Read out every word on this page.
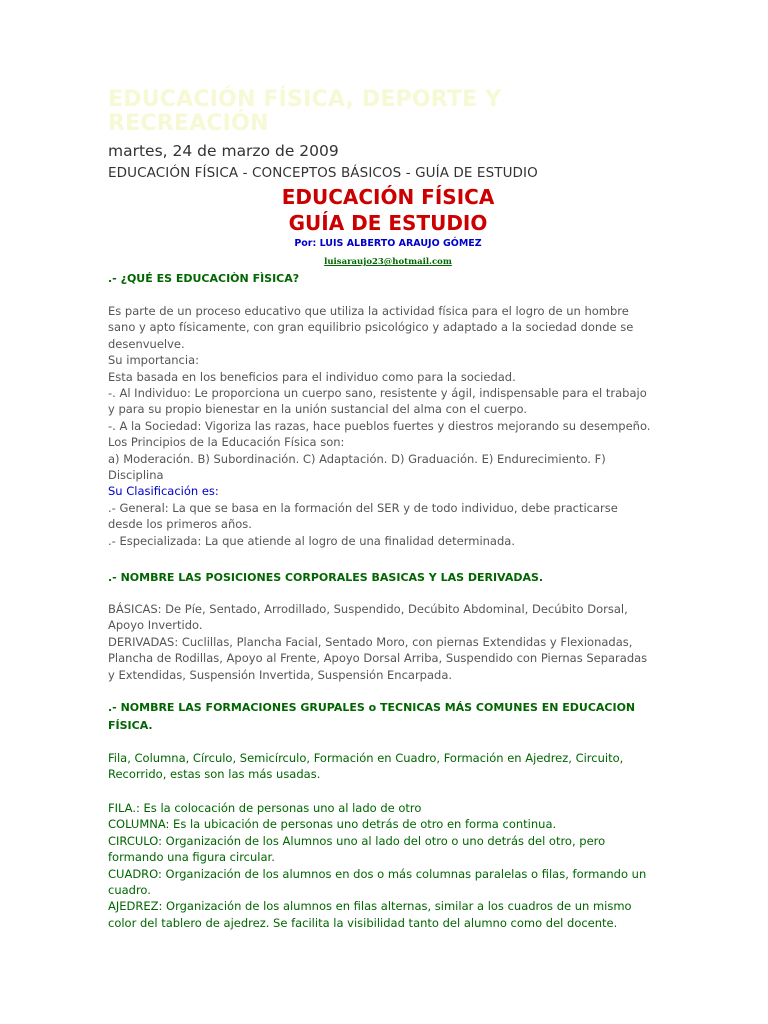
EDUCACIÓN FÍSICA, DEPORTE Y RECREACIÓN
martes, 24 de marzo de 2009
EDUCACIÓN FÍSICA - CONCEPTOS BÁSICOS - GUÍA DE ESTUDIO
EDUCACIÓN FÍSICA
GUÍA DE ESTUDIO
Por: LUIS ALBERTO ARAUJO GÓMEZ
luisaraujo23@hotmail.com
.- ¿QUÉ ES EDUCACIÒN FÌSICA?

Es parte de un proceso educativo que utiliza la actividad física para el logro de un hombre sano y apto físicamente, con gran equilibrio psicológico y adaptado a la sociedad donde se desenvuelve.

Su importancia:

Esta basada en los beneficios para el individuo como para la sociedad.

-. Al Individuo: Le proporciona un cuerpo sano, resistente y ágil, indispensable para el trabajo y para su propio bienestar en la unión sustancial del alma con el cuerpo.

-. A la Sociedad: Vigoriza las razas, hace pueblos fuertes y diestros mejorando su desempeño.

Los Principios de la Educación Física son:

a) Moderación. B) Subordinación. C) Adaptación. D) Graduación. E) Endurecimiento. F) Disciplina

Su Clasificación es:

.- General: La que se basa en la formación del SER y de todo individuo, debe practicarse desde los primeros años.

.- Especializada: La que atiende al logro de una finalidad determinada.

.- NOMBRE LAS POSICIONES CORPORALES BASICAS Y LAS DERIVADAS.

BÁSICAS: De Píe, Sentado, Arrodillado, Suspendido, Decúbito Abdominal, Decúbito Dorsal, Apoyo Invertido.

DERIVADAS: Cuclillas, Plancha Facial, Sentado Moro, con piernas Extendidas y Flexionadas, Plancha de Rodillas, Apoyo al Frente, Apoyo Dorsal Arriba, Suspendido con Piernas Separadas y Extendidas, Suspensión Invertida, Suspensión Encarpada.

.- NOMBRE LAS FORMACIONES GRUPALES o TECNICAS MÁS COMUNES EN EDUCACION FÍSICA.
Fila, Columna, Círculo, Semicírculo, Formación en Cuadro, Formación en Ajedrez, Circuito, Recorrido, estas son las más usadas.

FILA.: Es la colocación de personas uno al lado de otro

COLUMNA: Es la ubicación de personas uno detrás de otro en forma continua.

CIRCULO: Organización de los Alumnos uno al lado del otro o uno detrás del otro, pero formando una figura circular.

CUADRO: Organización de los alumnos en dos o más columnas paralelas o filas, formando un cuadro.

AJEDREZ: Organización de los alumnos en filas alternas, similar a los cuadros de un mismo color del tablero de ajedrez. Se facilita la visibilidad tanto del alumno como del docente.
